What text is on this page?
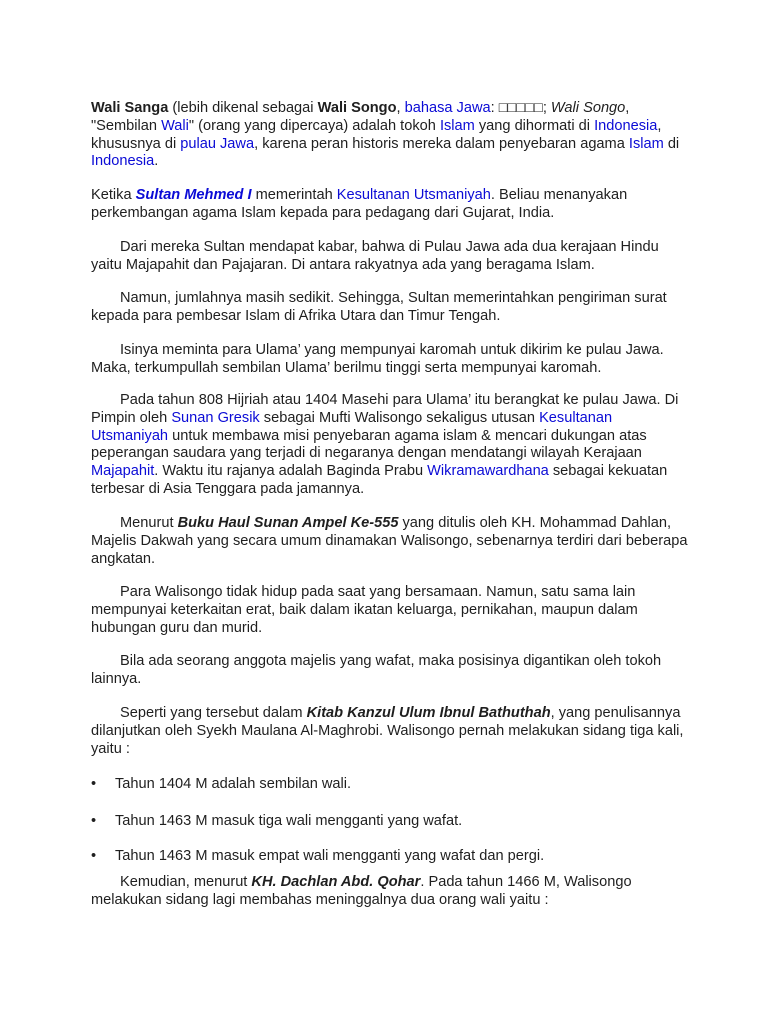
Wali Sanga (lebih dikenal sebagai Wali Songo, bahasa Jawa: □□□□□; Wali Songo, "Sembilan Wali" (orang yang dipercaya) adalah tokoh Islam yang dihormati di Indonesia, khususnya di pulau Jawa, karena peran historis mereka dalam penyebaran agama Islam di Indonesia.

Ketika Sultan Mehmed I memerintah Kesultanan Utsmaniyah. Beliau menanyakan perkembangan agama Islam kepada para pedagang dari Gujarat, India.

Dari mereka Sultan mendapat kabar, bahwa di Pulau Jawa ada dua kerajaan Hindu yaitu Majapahit dan Pajajaran. Di antara rakyatnya ada yang beragama Islam.

Namun, jumlahnya masih sedikit. Sehingga, Sultan memerintahkan pengiriman surat kepada para pembesar Islam di Afrika Utara dan Timur Tengah.

Isinya meminta para Ulama’ yang mempunyai karomah untuk dikirim ke pulau Jawa. Maka, terkumpullah sembilan Ulama’ berilmu tinggi serta mempunyai karomah.

Pada tahun 808 Hijriah atau 1404 Masehi para Ulama’ itu berangkat ke pulau Jawa. Di Pimpin oleh Sunan Gresik sebagai Mufti Walisongo sekaligus utusan Kesultanan Utsmaniyah untuk membawa misi penyebaran agama islam & mencari dukungan atas peperangan saudara yang terjadi di negaranya dengan mendatangi wilayah Kerajaan Majapahit. Waktu itu rajanya adalah Baginda Prabu Wikramawardhana sebagai kekuatan terbesar di Asia Tenggara pada jamannya.

Menurut Buku Haul Sunan Ampel Ke-555 yang ditulis oleh KH. Mohammad Dahlan, Majelis Dakwah yang secara umum dinamakan Walisongo, sebenarnya terdiri dari beberapa angkatan.

Para Walisongo tidak hidup pada saat yang bersamaan. Namun, satu sama lain mempunyai keterkaitan erat, baik dalam ikatan keluarga, pernikahan, maupun dalam hubungan guru dan murid.

Bila ada seorang anggota majelis yang wafat, maka posisinya digantikan oleh tokoh lainnya.

Seperti yang tersebut dalam Kitab Kanzul Ulum Ibnul Bathuthah, yang penulisannya dilanjutkan oleh Syekh Maulana Al-Maghrobi. Walisongo pernah melakukan sidang tiga kali, yaitu :

• Tahun 1404 M adalah sembilan wali.
• Tahun 1463 M masuk tiga wali mengganti yang wafat.
• Tahun 1463 M masuk empat wali mengganti yang wafat dan pergi.

Kemudian, menurut KH. Dachlan Abd. Qohar. Pada tahun 1466 M, Walisongo melakukan sidang lagi membahas meninggalnya dua orang wali yaitu :
